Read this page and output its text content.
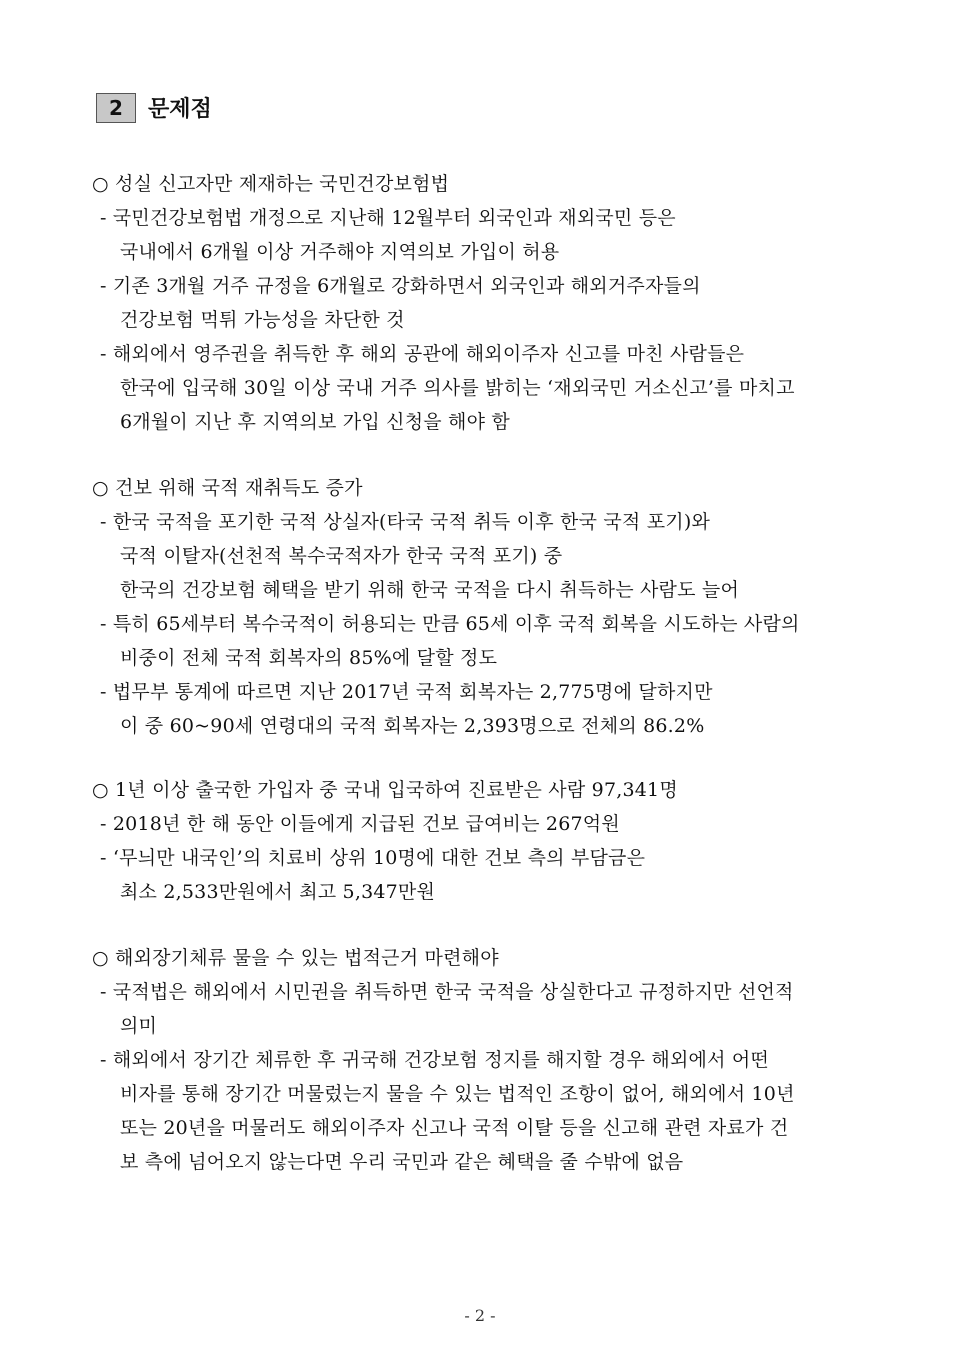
2	문제점
○ 성실 신고자만 제재하는 국민건강보험법
- 국민건강보험법 개정으로 지난해 12월부터 외국인과 재외국민 등은
국내에서 6개월 이상 거주해야 지역의보 가입이 허용
- 기존 3개월 거주 규정을 6개월로 강화하면서 외국인과 해외거주자들의
건강보험 먹튀 가능성을 차단한 것
- 해외에서 영주권을 취득한 후 해외 공관에 해외이주자 신고를 마친 사람들은
한국에 입국해 30일 이상 국내 거주 의사를 밝히는 ‘재외국민 거소신고’를 마치고
6개월이 지난 후 지역의보 가입 신청을 해야 함
○ 건보 위해 국적 재취득도 증가
- 한국 국적을 포기한 국적 상실자(타국 국적 취득 이후 한국 국적 포기)와
국적 이탈자(선천적 복수국적자가 한국 국적 포기) 중
한국의 건강보험 혜택을 받기 위해 한국 국적을 다시 취득하는 사람도 늘어
- 특히 65세부터 복수국적이 허용되는 만큼 65세 이후 국적 회복을 시도하는 사람의
비중이 전체 국적 회복자의 85%에 달할 정도
- 법무부 통계에 따르면 지난 2017년 국적 회복자는 2,775명에 달하지만
이 중 60~90세 연령대의 국적 회복자는 2,393명으로 전체의 86.2%
○ 1년 이상 출국한 가입자 중 국내 입국하여 진료받은 사람 97,341명
- 2018년 한 해 동안 이들에게 지급된 건보 급여비는 267억원
- ‘무늬만 내국인’의 치료비 상위 10명에 대한 건보 측의 부담금은
최소 2,533만원에서 최고 5,347만원
○ 해외장기체류 물을 수 있는 법적근거 마련해야
- 국적법은 해외에서 시민권을 취득하면 한국 국적을 상실한다고 규정하지만 선언적
의미
- 해외에서 장기간 체류한 후 귀국해 건강보험 정지를 해지할 경우 해외에서 어떤
비자를 통해 장기간 머물렀는지 물을 수 있는 법적인 조항이 없어, 해외에서 10년
또는 20년을 머물러도 해외이주자 신고나 국적 이탈 등을 신고해 관련 자료가 건
보 측에 넘어오지 않는다면 우리 국민과 같은 혜택을 줄 수밖에 없음
- 2 -
